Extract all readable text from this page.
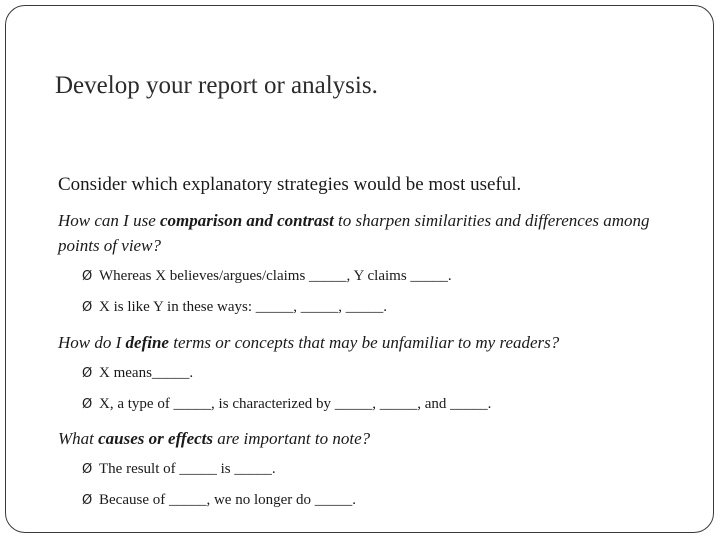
Develop your report or analysis.
Consider which explanatory strategies would be most useful.
How can I use comparison and contrast to sharpen similarities and differences among points of view?
Ø Whereas X believes/argues/claims _____, Y claims _____.
Ø X is like Y in these ways: _____, _____, _____.
How do I define terms or concepts that may be unfamiliar to my readers?
Ø X means_____.
Ø X, a type of _____, is characterized by _____, _____, and _____.
What causes or effects are important to note?
Ø The result of _____ is _____.
Ø Because of _____, we no longer do _____.
